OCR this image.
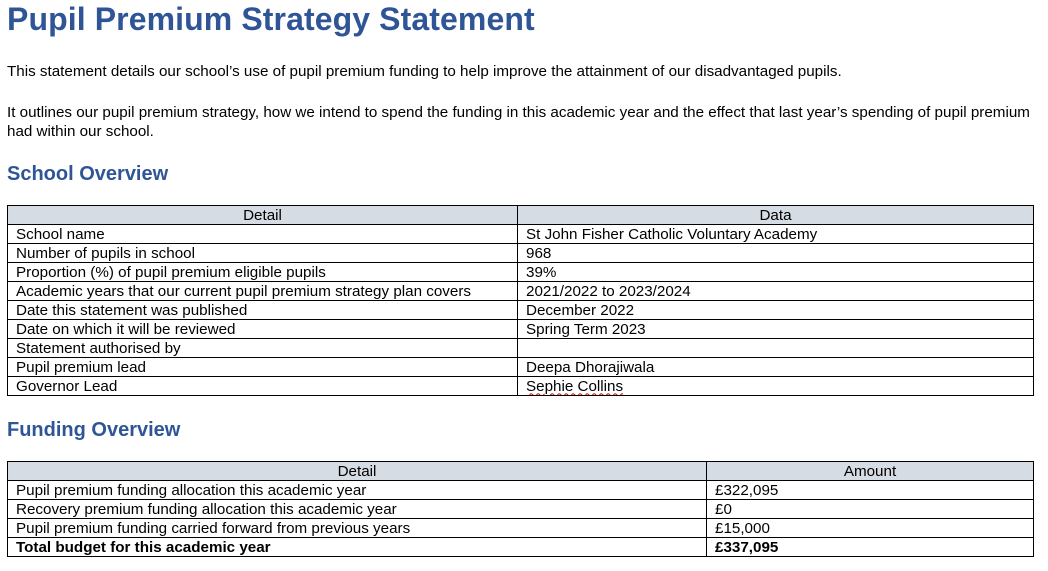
Pupil Premium Strategy Statement

This statement details our school’s use of pupil premium funding to help improve the attainment of our disadvantaged pupils.

It outlines our pupil premium strategy, how we intend to spend the funding in this academic year and the effect that last year’s spending of pupil premium had within our school.

School Overview
Detail	Data
School name	St John Fisher Catholic Voluntary Academy
Number of pupils in school	968
Proportion (%) of pupil premium eligible pupils	39%
Academic years that our current pupil premium strategy plan covers	2021/2022 to 2023/2024
Date this statement was published	December 2022
Date on which it will be reviewed	Spring Term 2023
Statement authorised by	
Pupil premium lead	Deepa Dhorajiwala
Governor Lead	Sephie Collins
Funding Overview
Detail	Amount
Pupil premium funding allocation this academic year	£322,095
Recovery premium funding allocation this academic year	£0
Pupil premium funding carried forward from previous years	£15,000
Total budget for this academic year	£337,095
